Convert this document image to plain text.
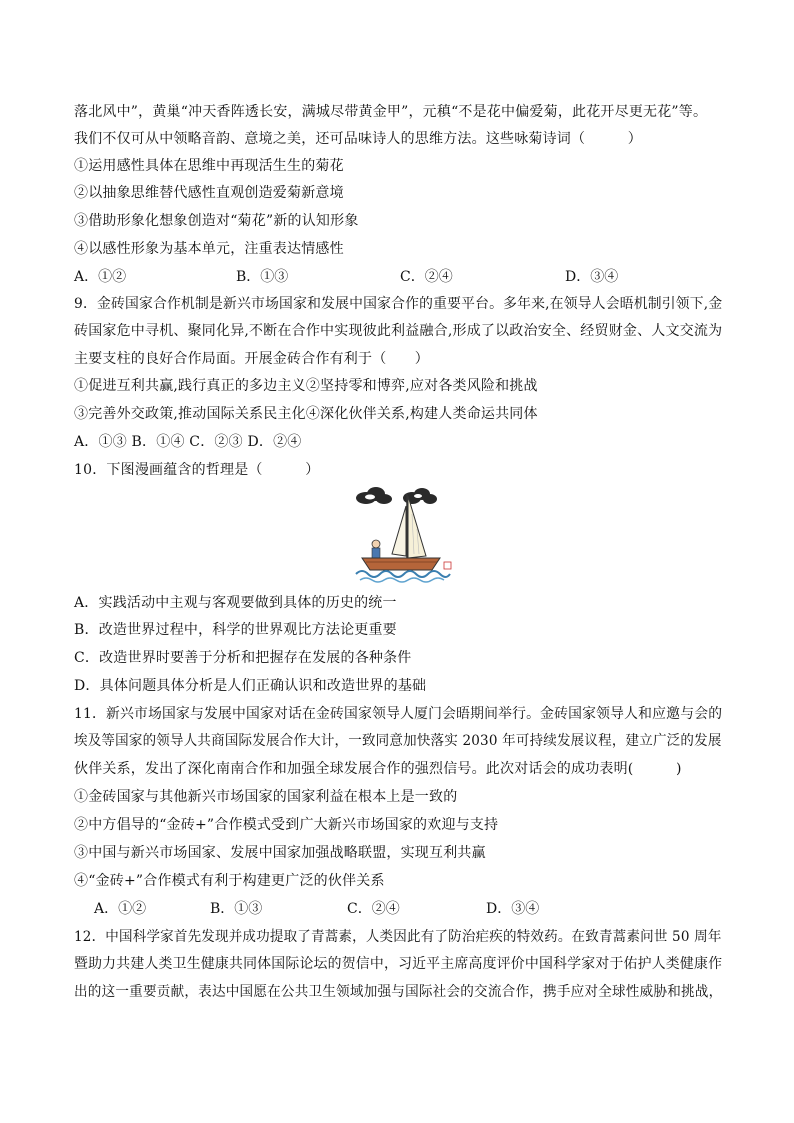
落北风中”，黄巢“冲天香阵透长安，满城尽带黄金甲”，元稹“不是花中偏爱菊，此花开尽更无花”等。
我们不仅可从中领略音韵、意境之美，还可品味诗人的思维方法。这些咏菊诗词（　　　）
①运用感性具体在思维中再现活生生的菊花
②以抽象思维替代感性直观创造爱菊新意境
③借助形象化想象创造对“菊花”新的认知形象
④以感性形象为基本单元，注重表达情感性
A．①②	B．①③	C．②④	D．③④
9．金砖国家合作机制是新兴市场国家和发展中国家合作的重要平台。多年来,在领导人会晤机制引领下,金
砖国家危中寻机、聚同化异,不断在合作中实现彼此利益融合,形成了以政治安全、经贸财金、人文交流为
主要支柱的良好合作局面。开展金砖合作有利于（　　）
①促进互利共赢,践行真正的多边主义②坚持零和博弈,应对各类风险和挑战
③完善外交政策,推动国际关系民主化④深化伙伴关系,构建人类命运共同体
A．①③ B．①④ C．②③ D．②④
10．下图漫画蕴含的哲理是（　　　）
A．实践活动中主观与客观要做到具体的历史的统一
B．改造世界过程中，科学的世界观比方法论更重要
C．改造世界时要善于分析和把握存在发展的各种条件
D．具体问题具体分析是人们正确认识和改造世界的基础
11．新兴市场国家与发展中国家对话在金砖国家领导人厦门会晤期间举行。金砖国家领导人和应邀与会的
埃及等国家的领导人共商国际发展合作大计，一致同意加快落实 2030 年可持续发展议程，建立广泛的发展
伙伴关系，发出了深化南南合作和加强全球发展合作的强烈信号。此次对话会的成功表明(　　　)
①金砖国家与其他新兴市场国家的国家利益在根本上是一致的
②中方倡导的“金砖+”合作模式受到广大新兴市场国家的欢迎与支持
③中国与新兴市场国家、发展中国家加强战略联盟，实现互利共赢
④“金砖+”合作模式有利于构建更广泛的伙伴关系
A．①②	B．①③	C．②④	D．③④
12．中国科学家首先发现并成功提取了青蒿素，人类因此有了防治疟疾的特效药。在致青蒿素问世 50 周年
暨助力共建人类卫生健康共同体国际论坛的贺信中，习近平主席高度评价中国科学家对于佑护人类健康作
出的这一重要贡献，表达中国愿在公共卫生领域加强与国际社会的交流合作，携手应对全球性威胁和挑战，
